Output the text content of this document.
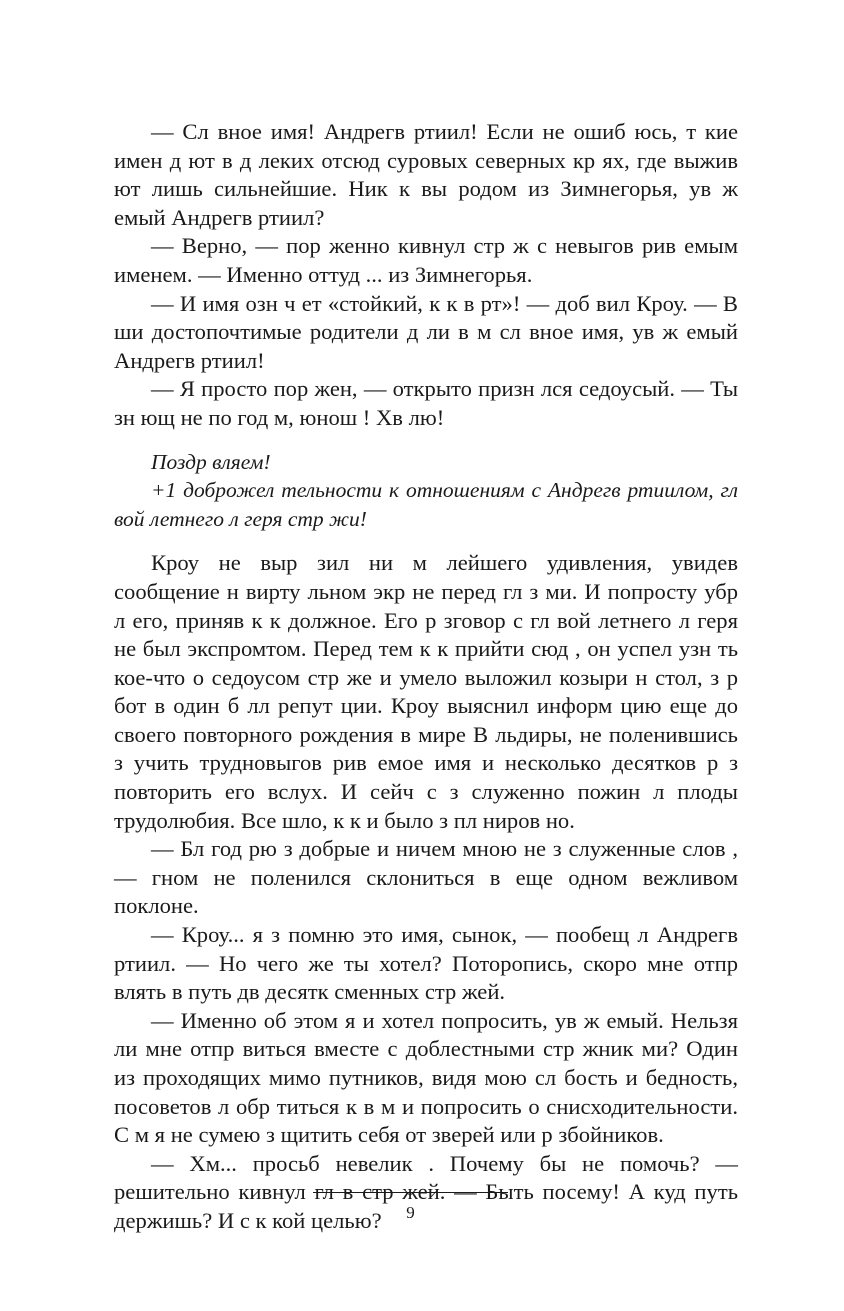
— Сл вное имя! Андрегв ртиил! Если не ошиб юсь, т кие имен д ют в д леких отсюд суровых северных кр ях, где выжив ют лишь сильнейшие. Ник к вы родом из Зимнегорья, ув ж емый Андрегв ртиил?

— Верно, — пор женно кивнул стр ж с невыгов рив емым именем. — Именно оттуд ... из Зимнегорья.

— И имя озн ч ет «стойкий, к к в рт»! — доб вил Кроу. — В ши достопочтимые родители д ли в м сл вное имя, ув ж емый Андрегв ртиил!

— Я просто пор жен, — открыто призн лся седоусый. — Ты зн ющ не по год м, юнош ! Хв лю!

Поздр вляем!

+1 доброжел тельности к отношениям с Андрегв ртиилом, гл вой летнего л геря стр жи!

Кроу не выр зил ни м лейшего удивления, увидев сообщение н вирту льном экр не перед гл з ми. И попросту убр л его, приняв к к должное. Его р зговор с гл вой летнего л геря не был экспромтом. Перед тем к к прийти сюд , он успел узн ть кое-что о седоусом стр же и умело выложил козыри н стол, з р бот в один б лл репут ции. Кроу выяснил информ цию еще до своего повторного рождения в мире В льдиры, не поленившись з учить трудновыгов рив емое имя и несколько десятков р з повторить его вслух. И сейч с з служенно пожин л плоды трудолюбия. Все шло, к к и было з пл ниров но.

— Бл год рю з добрые и ничем мною не з служенные слов , — гном не поленился склониться в еще одном вежливом поклоне.

— Кроу... я з помню это имя, сынок, — пообещ л Андрегв ртиил. — Но чего же ты хотел? Поторопись, скоро мне отпр влять в путь дв десятк сменных стр жей.

— Именно об этом я и хотел попросить, ув ж емый. Нельзя ли мне отпр виться вместе с доблестными стр жник ми? Один из проходящих мимо путников, видя мою сл бость и бедность, посоветов л обр титься к в м и попросить о снисходительности. С м я не сумею з щитить себя от зверей или р збойников.

— Хм... просьб невелик . Почему бы не помочь? — решительно кивнул гл в стр жей. — Быть посему! А куд путь держишь? И с к кой целью?	9
